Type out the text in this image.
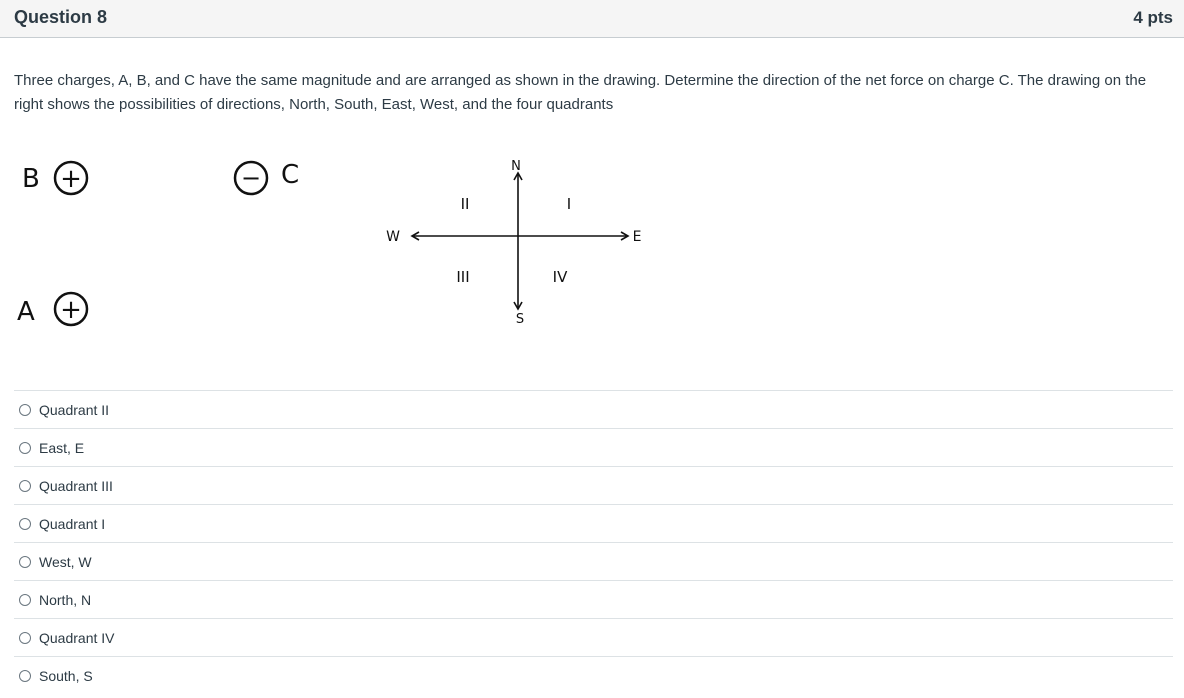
Question 8	4 pts
Three charges, A, B, and C have the same magnitude and are arranged as shown in the drawing. Determine the direction of the net force on charge C. The drawing on the right shows the possibilities of directions, North, South, East, West, and the four quadrants
B +	− C
A +
N
S
E
W
I
II
III	IV
Quadrant II
East, E
Quadrant III
Quadrant I
West, W
North, N
Quadrant IV
South, S
